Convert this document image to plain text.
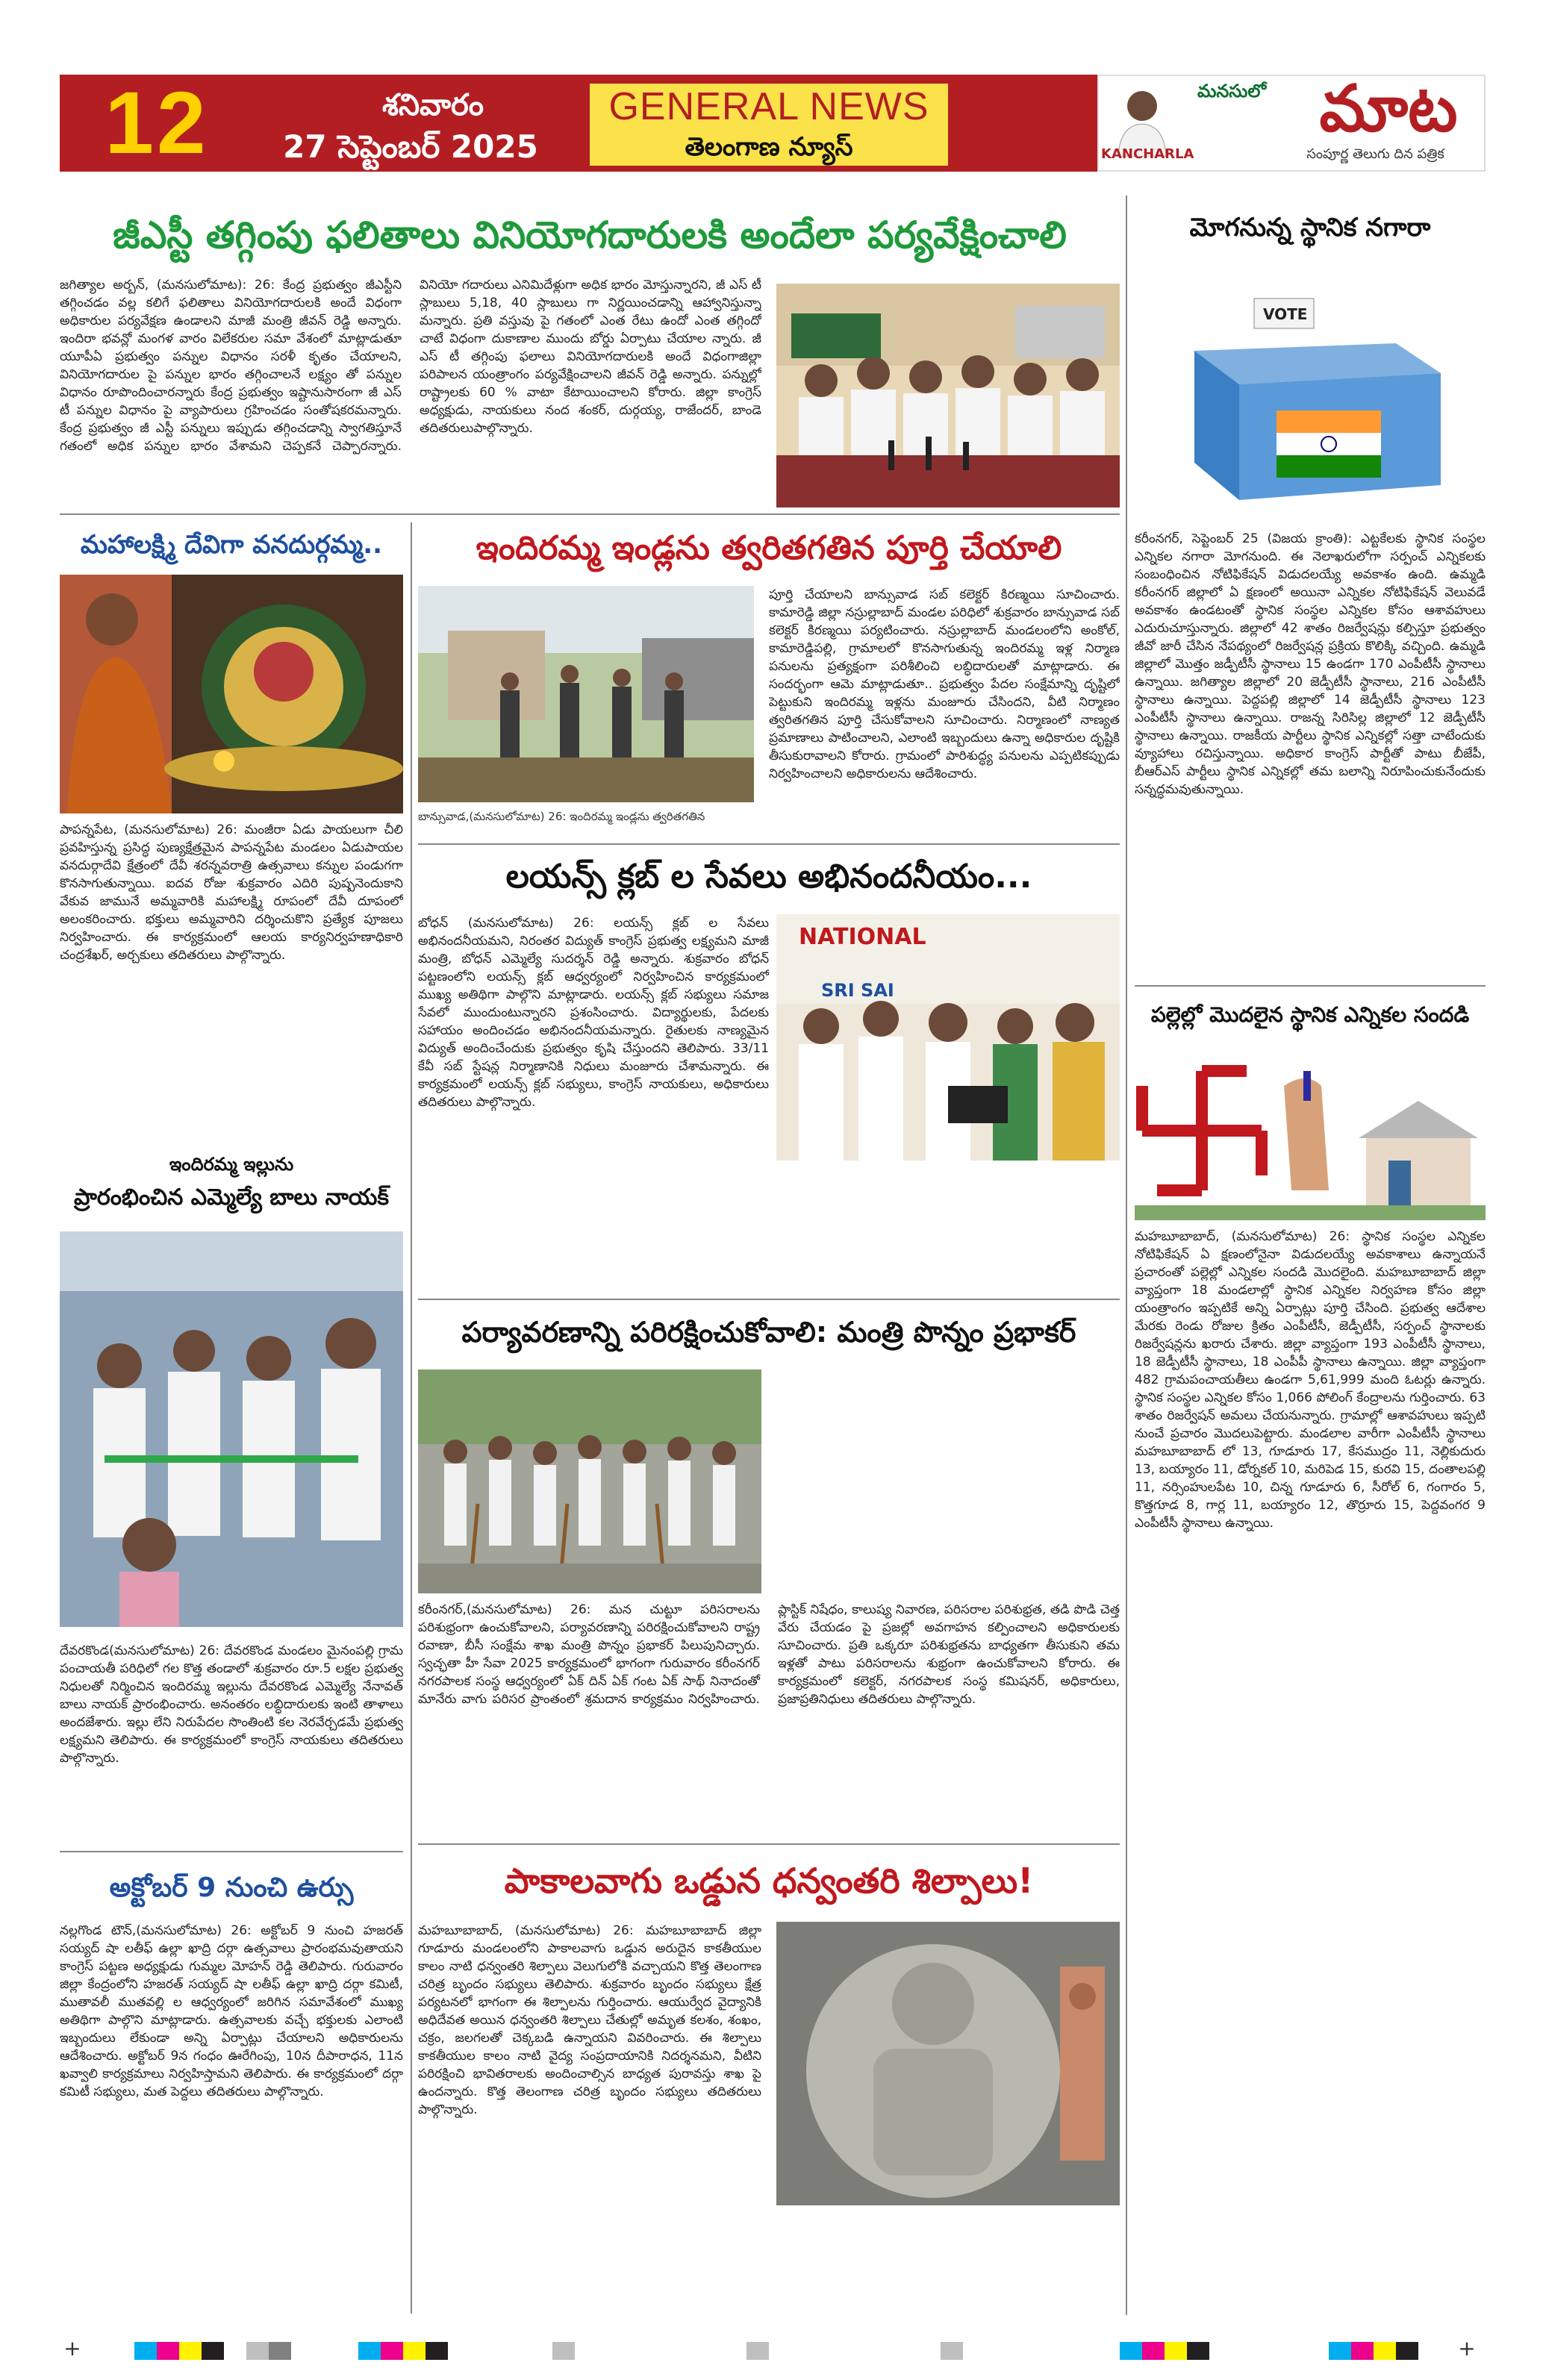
12	శనివారం
27 సెప్టెంబర్ 2025
GENERAL NEWS
తెలంగాణ న్యూస్
మనసులో మాట
KANCHARLA	సంపూర్ణ తెలుగు దిన పత్రిక
జీఎస్టీ తగ్గింపు ఫలితాలు వినియోగదారులకి అందేలా పర్యవేక్షించాలి
జగిత్యాల అర్బన్, (మనసులోమాట): 26: కేంద్ర ప్రభుత్వం జీఎస్టీని తగ్గించడం వల్ల కలిగే ఫలితాలు వినియోగదారులకి అందే విధంగా అధికారుల పర్యవేక్షణ ఉండాలని మాజీ మంత్రి జీవన్ రెడ్డి అన్నారు. ఇందిరా భవన్లో మంగళ వారం విలేకరుల సమా వేశంలో మాట్లాడుతూ యూపీఏ ప్రభుత్వం పన్నుల విధానం సరళీ కృతం చేయాలని, వినియోగదారుల పై పన్నుల భారం తగ్గించాలనే లక్ష్యం తో పన్నుల విధానం రూపొందించారన్నారు కేంద్ర ప్రభుత్వం ఇష్టానుసారంగా జీ ఎస్ టీ పన్నుల విధానం పై వ్యాపారులు గ్రహించడం సంతోషకరమన్నారు. కేంద్ర ప్రభుత్వం జీ ఎస్టీ పన్నులు ఇప్పుడు తగ్గించడాన్ని స్వాగతిస్తూనే గతంలో అధిక పన్నుల భారం వేశామని చెప్పకనే చెప్పారన్నారు. వినియో గదారులు ఎనిమిదేళ్లుగా అధిక భారం మోస్తున్నారని, జీ ఎస్ టీ స్లాబులు 5,18, 40 స్లాబులు గా నిర్ణయించడాన్ని ఆహ్వానిస్తున్నా మన్నారు. ప్రతి వస్తువు పై గతంలో ఎంత రేటు ఉందో ఎంత తగ్గిందో చాటే విధంగా దుకాణాల ముందు బోర్డు ఏర్పాటు చేయాల న్నారు. జీ ఎస్ టీ తగ్గింపు ఫలాలు వినియోగదారులకి అందే విధంగాజిల్లా పరిపాలన యంత్రాంగం పర్యవేక్షించాలని జీవన్ రెడ్డి అన్నారు. పన్నుల్లో రాష్ట్రాలకు 60 % వాటా కేటాయించాలని కోరారు. జిల్లా కాంగ్రెస్ అధ్యక్షుడు, నాయకులు నంద శంకర్, దుర్గయ్య, రాజేందర్, బాండె తదితరులుపాల్గొన్నారు.
మహాలక్ష్మి దేవిగా వనదుర్గమ్మ..
పాపన్నపేట, (మనసులోమాట) 26: మంజీరా ఏడు పాయలుగా చీలి ప్రవహిస్తున్న ప్రసిద్ధ పుణ్యక్షేత్రమైన పాపన్నపేట మండలం ఏడుపాయల వనదుర్గాదేవి క్షేత్రంలో దేవీ శరన్నవరాత్రి ఉత్సవాలు కన్నుల పండుగగా కొనసాగుతున్నాయి. ఐదవ రోజు శుక్రవారం ఎదిరి పుష్పనెందుకాని వేకువ జామునే అమ్మవారికి మహాలక్ష్మి రూపంలో దేవీ దూపంలో అలంకరించారు. భక్తులు అమ్మవారిని దర్శించుకొని ప్రత్యేక పూజలు నిర్వహించారు. ఈ కార్యక్రమంలో ఆలయ కార్యనిర్వహణాధికారి చంద్రశేఖర్, అర్చకులు తదితరులు పాల్గొన్నారు.
ఇందిరమ్మ ఇల్లును
ప్రారంభించిన ఎమ్మెల్యే బాలు నాయక్
దేవరకొండ(మనసులోమాట) 26: దేవరకొండ మండలం మైనంపల్లి గ్రామ పంచాయతీ పరిధిలో గల కొత్త తండాలో శుక్రవారం రూ.5 లక్షల ప్రభుత్వ నిధులతో నిర్మించిన ఇందిరమ్మ ఇల్లును దేవరకొండ ఎమ్మెల్యే నేనావత్ బాలు నాయక్ ప్రారంభించారు. అనంతరం లబ్ధిదారులకు ఇంటి తాళాలు అందజేశారు. ఇల్లు లేని నిరుపేదల సొంతింటి కల నెరవేర్చడమే ప్రభుత్వ లక్ష్యమని తెలిపారు. ఈ కార్యక్రమంలో కాంగ్రెస్ నాయకులు తదితరులు పాల్గొన్నారు.
అక్టోబర్ 9 నుంచి ఉర్సు
నల్లగొండ టౌన్,(మనసులోమాట) 26: అక్టోబర్ 9 నుంచి హజరత్ సయ్యద్ షా లతీఫ్ ఉల్లా ఖాద్రి దర్గా ఉత్సవాలు ప్రారంభమవుతాయని కాంగ్రెస్ పట్టణ అధ్యక్షుడు గుమ్మల మోహన్ రెడ్డి తెలిపారు. గురువారం జిల్లా కేంద్రంలోని హజరత్ సయ్యద్ షా లతీఫ్ ఉల్లా ఖాద్రి దర్గా కమిటీ, ముతావలీ ముతవల్లి ల ఆధ్వర్యంలో జరిగిన సమావేశంలో ముఖ్య అతిథిగా పాల్గొని మాట్లాడారు. ఉత్సవాలకు వచ్చే భక్తులకు ఎలాంటి ఇబ్బందులు లేకుండా అన్ని ఏర్పాట్లు చేయాలని అధికారులను ఆదేశించారు. అక్టోబర్ 9న గంధం ఊరేగింపు, 10న దీపారాధన, 11న ఖవ్వాలి కార్యక్రమాలు నిర్వహిస్తామని తెలిపారు. ఈ కార్యక్రమంలో దర్గా కమిటీ సభ్యులు, మత పెద్దలు తదితరులు పాల్గొన్నారు.
ఇందిరమ్మ ఇండ్లను త్వరితగతిన పూర్తి చేయాలి
బాన్సువాడ,(మనసులోమాట) 26: ఇందిరమ్మ ఇండ్లను త్వరితగతిన
పూర్తి చేయాలని బాన్సువాడ సబ్ కలెక్టర్ కిరణ్మయి సూచించారు. కామారెడ్డి జిల్లా నస్రుల్లాబాద్ మండల పరిధిలో శుక్రవారం బాన్సువాడ సబ్ కలెక్టర్ కిరణ్మయి పర్యటించారు. నస్రుల్లాబాద్ మండలంలోని అంకోల్, కామారెడ్డిపల్లి, గ్రామాలలో కొనసాగుతున్న ఇందిరమ్మ ఇళ్ల నిర్మాణ పనులను ప్రత్యక్షంగా పరిశీలించి లబ్ధిదారులతో మాట్లాడారు. ఈ సందర్భంగా ఆమె మాట్లాడుతూ.. ప్రభుత్వం పేదల సంక్షేమాన్ని దృష్టిలో పెట్టుకుని ఇందిరమ్మ ఇళ్లను మంజూరు చేసిందని, వీటి నిర్మాణం త్వరితగతిన పూర్తి చేసుకోవాలని సూచించారు. నిర్మాణంలో నాణ్యత ప్రమాణాలు పాటించాలని, ఎలాంటి ఇబ్బందులు ఉన్నా అధికారుల దృష్టికి తీసుకురావాలని కోరారు. గ్రామంలో పారిశుద్ధ్య పనులను ఎప్పటికప్పుడు నిర్వహించాలని అధికారులను ఆదేశించారు.
లయన్స్ క్లబ్ ల సేవలు అభినందనీయం...
బోధన్ (మనసులోమాట) 26: లయన్స్ క్లబ్ ల సేవలు అభినందనీయమని, నిరంతర విద్యుత్ కాంగ్రెస్ ప్రభుత్వ లక్ష్యమని మాజీ మంత్రి, బోధన్ ఎమ్మెల్యే సుదర్శన్ రెడ్డి అన్నారు. శుక్రవారం బోధన్ పట్టణంలోని లయన్స్ క్లబ్ ఆధ్వర్యంలో నిర్వహించిన కార్యక్రమంలో ముఖ్య అతిథిగా పాల్గొని మాట్లాడారు. లయన్స్ క్లబ్ సభ్యులు సమాజ సేవలో ముందుంటున్నారని ప్రశంసించారు. విద్యార్థులకు, పేదలకు సహాయం అందించడం అభినందనీయమన్నారు. రైతులకు నాణ్యమైన విద్యుత్ అందించేందుకు ప్రభుత్వం కృషి చేస్తుందని తెలిపారు. 33/11 కేవీ సబ్ స్టేషన్ల నిర్మాణానికి నిధులు మంజూరు చేశామన్నారు. ఈ కార్యక్రమంలో లయన్స్ క్లబ్ సభ్యులు, కాంగ్రెస్ నాయకులు, అధికారులు తదితరులు పాల్గొన్నారు.
NATIONAL
SRI SAI
పర్యావరణాన్ని పరిరక్షించుకోవాలి: మంత్రి పొన్నం ప్రభాకర్
కరీంనగర్,(మనసులోమాట) 26: మన చుట్టూ పరిసరాలను పరిశుభ్రంగా ఉంచుకోవాలని, పర్యావరణాన్ని పరిరక్షించుకోవాలని రాష్ట్ర రవాణా, బీసీ సంక్షేమ శాఖ మంత్రి పొన్నం ప్రభాకర్ పిలుపునిచ్చారు. స్వచ్ఛతా హీ సేవా 2025 కార్యక్రమంలో భాగంగా గురువారం కరీంనగర్ నగరపాలక సంస్థ ఆధ్వర్యంలో ఏక్ దిన్ ఏక్ గంట ఏక్ సాథ్ నినాదంతో మానేరు వాగు పరిసర ప్రాంతంలో శ్రమదాన కార్యక్రమం నిర్వహించారు. ప్లాస్టిక్ నిషేధం, కాలుష్య నివారణ, పరిసరాల పరిశుభ్రత, తడి పొడి చెత్త వేరు చేయడం పై ప్రజల్లో అవగాహన కల్పించాలని అధికారులకు సూచించారు. ప్రతి ఒక్కరూ పరిశుభ్రతను బాధ్యతగా తీసుకుని తమ ఇళ్లతో పాటు పరిసరాలను శుభ్రంగా ఉంచుకోవాలని కోరారు. ఈ కార్యక్రమంలో కలెక్టర్, నగరపాలక సంస్థ కమిషనర్, అధికారులు, ప్రజాప్రతినిధులు తదితరులు పాల్గొన్నారు.
పాకాలవాగు ఒడ్డున ధన్వంతరి శిల్పాలు!
మహబూబాబాద్, (మనసులోమాట) 26: మహబూబాబాద్ జిల్లా గూడూరు మండలంలోని పాకాలవాగు ఒడ్డున అరుదైన కాకతీయుల కాలం నాటి ధన్వంతరి శిల్పాలు వెలుగులోకి వచ్చాయని కొత్త తెలంగాణ చరిత్ర బృందం సభ్యులు తెలిపారు. శుక్రవారం బృందం సభ్యులు క్షేత్ర పర్యటనలో భాగంగా ఈ శిల్పాలను గుర్తించారు. ఆయుర్వేద వైద్యానికి అధిదేవత అయిన ధన్వంతరి శిల్పాలు చేతుల్లో అమృత కలశం, శంఖం, చక్రం, జలగలతో చెక్కబడి ఉన్నాయని వివరించారు. ఈ శిల్పాలు కాకతీయుల కాలం నాటి వైద్య సంప్రదాయానికి నిదర్శనమని, వీటిని పరిరక్షించి భావితరాలకు అందించాల్సిన బాధ్యత పురావస్తు శాఖ పై ఉందన్నారు. కొత్త తెలంగాణ చరిత్ర బృందం సభ్యులు తదితరులు పాల్గొన్నారు.
మోగనున్న స్థానిక నగారా
VOTE
కరీంనగర్, సెప్టెంబర్ 25 (విజయ క్రాంతి): ఎట్టకేలకు స్థానిక సంస్థల ఎన్నికల నగారా మోగనుంది. ఈ నెలాఖరులోగా సర్పంచ్ ఎన్నికలకు సంబంధించిన నోటిఫికేషన్ విడుదలయ్యే అవకాశం ఉంది. ఉమ్మడి కరీంనగర్ జిల్లాలో ఏ క్షణంలో అయినా ఎన్నికల నోటిఫికేషన్ వెలువడే అవకాశం ఉండటంతో స్థానిక సంస్థల ఎన్నికల కోసం ఆశావహులు ఎదురుచూస్తున్నారు. జిల్లాలో 42 శాతం రిజర్వేషన్లు కల్పిస్తూ ప్రభుత్వం జీవో జారీ చేసిన నేపథ్యంలో రిజర్వేషన్ల ప్రక్రియ కొలిక్కి వచ్చింది. ఉమ్మడి జిల్లాలో మొత్తం జడ్పీటీసీ స్థానాలు 15 ఉండగా 170 ఎంపీటీసీ స్థానాలు ఉన్నాయి. జగిత్యాల జిల్లాలో 20 జెడ్పీటీసీ స్థానాలు, 216 ఎంపీటీసీ స్థానాలు ఉన్నాయి. పెద్దపల్లి జిల్లాలో 14 జెడ్పీటీసీ స్థానాలు 123 ఎంపీటీసీ స్థానాలు ఉన్నాయి. రాజన్న సిరిసిల్ల జిల్లాలో 12 జెడ్పీటీసీ స్థానాలు ఉన్నాయి. రాజకీయ పార్టీలు స్థానిక ఎన్నికల్లో సత్తా చాటేందుకు వ్యూహాలు రచిస్తున్నాయి. అధికార కాంగ్రెస్ పార్టీతో పాటు బీజేపీ, బీఆర్ఎస్ పార్టీలు స్థానిక ఎన్నికల్లో తమ బలాన్ని నిరూపించుకునేందుకు సన్నద్ధమవుతున్నాయి.
పల్లెల్లో మొదలైన స్థానిక ఎన్నికల సందడి
మహబూబాబాద్, (మనసులోమాట) 26: స్థానిక సంస్థల ఎన్నికల నోటిఫికేషన్ ఏ క్షణంలోనైనా విడుదలయ్యే అవకాశాలు ఉన్నాయనే ప్రచారంతో పల్లెల్లో ఎన్నికల సందడి మొదలైంది. మహబూబాబాద్ జిల్లా వ్యాప్తంగా 18 మండలాల్లో స్థానిక ఎన్నికల నిర్వహణ కోసం జిల్లా యంత్రాంగం ఇప్పటికే అన్ని ఏర్పాట్లు పూర్తి చేసింది. ప్రభుత్వ ఆదేశాల మేరకు రెండు రోజుల క్రితం ఎంపీటీసీ, జెడ్పీటీసీ, సర్పంచ్ స్థానాలకు రిజర్వేషన్లను ఖరారు చేశారు. జిల్లా వ్యాప్తంగా 193 ఎంపీటీసీ స్థానాలు, 18 జెడ్పీటీసీ స్థానాలు, 18 ఎంపీపీ స్థానాలు ఉన్నాయి. జిల్లా వ్యాప్తంగా 482 గ్రామపంచాయతీలు ఉండగా 5,61,999 మంది ఓటర్లు ఉన్నారు. స్థానిక సంస్థల ఎన్నికల కోసం 1,066 పోలింగ్ కేంద్రాలను గుర్తించారు. 63 శాతం రిజర్వేషన్ అమలు చేయనున్నారు. గ్రామాల్లో ఆశావహులు ఇప్పటి నుంచే ప్రచారం మొదలుపెట్టారు. మండలాల వారీగా ఎంపీటీసీ స్థానాలు మహబూబాబాద్ లో 13, గూడూరు 17, కేసముద్రం 11, నెల్లికుదురు 13, బయ్యారం 11, డోర్నకల్ 10, మరిపెడ 15, కురవి 15, దంతాలపల్లి 11, నర్సింహులపేట 10, చిన్న గూడూరు 6, సీరోల్ 6, గంగారం 5, కొత్తగూడ 8, గార్ల 11, బయ్యారం 12, తొర్రూరు 15, పెద్దవంగర 9 ఎంపీటీసీ స్థానాలు ఉన్నాయి.
+	+
